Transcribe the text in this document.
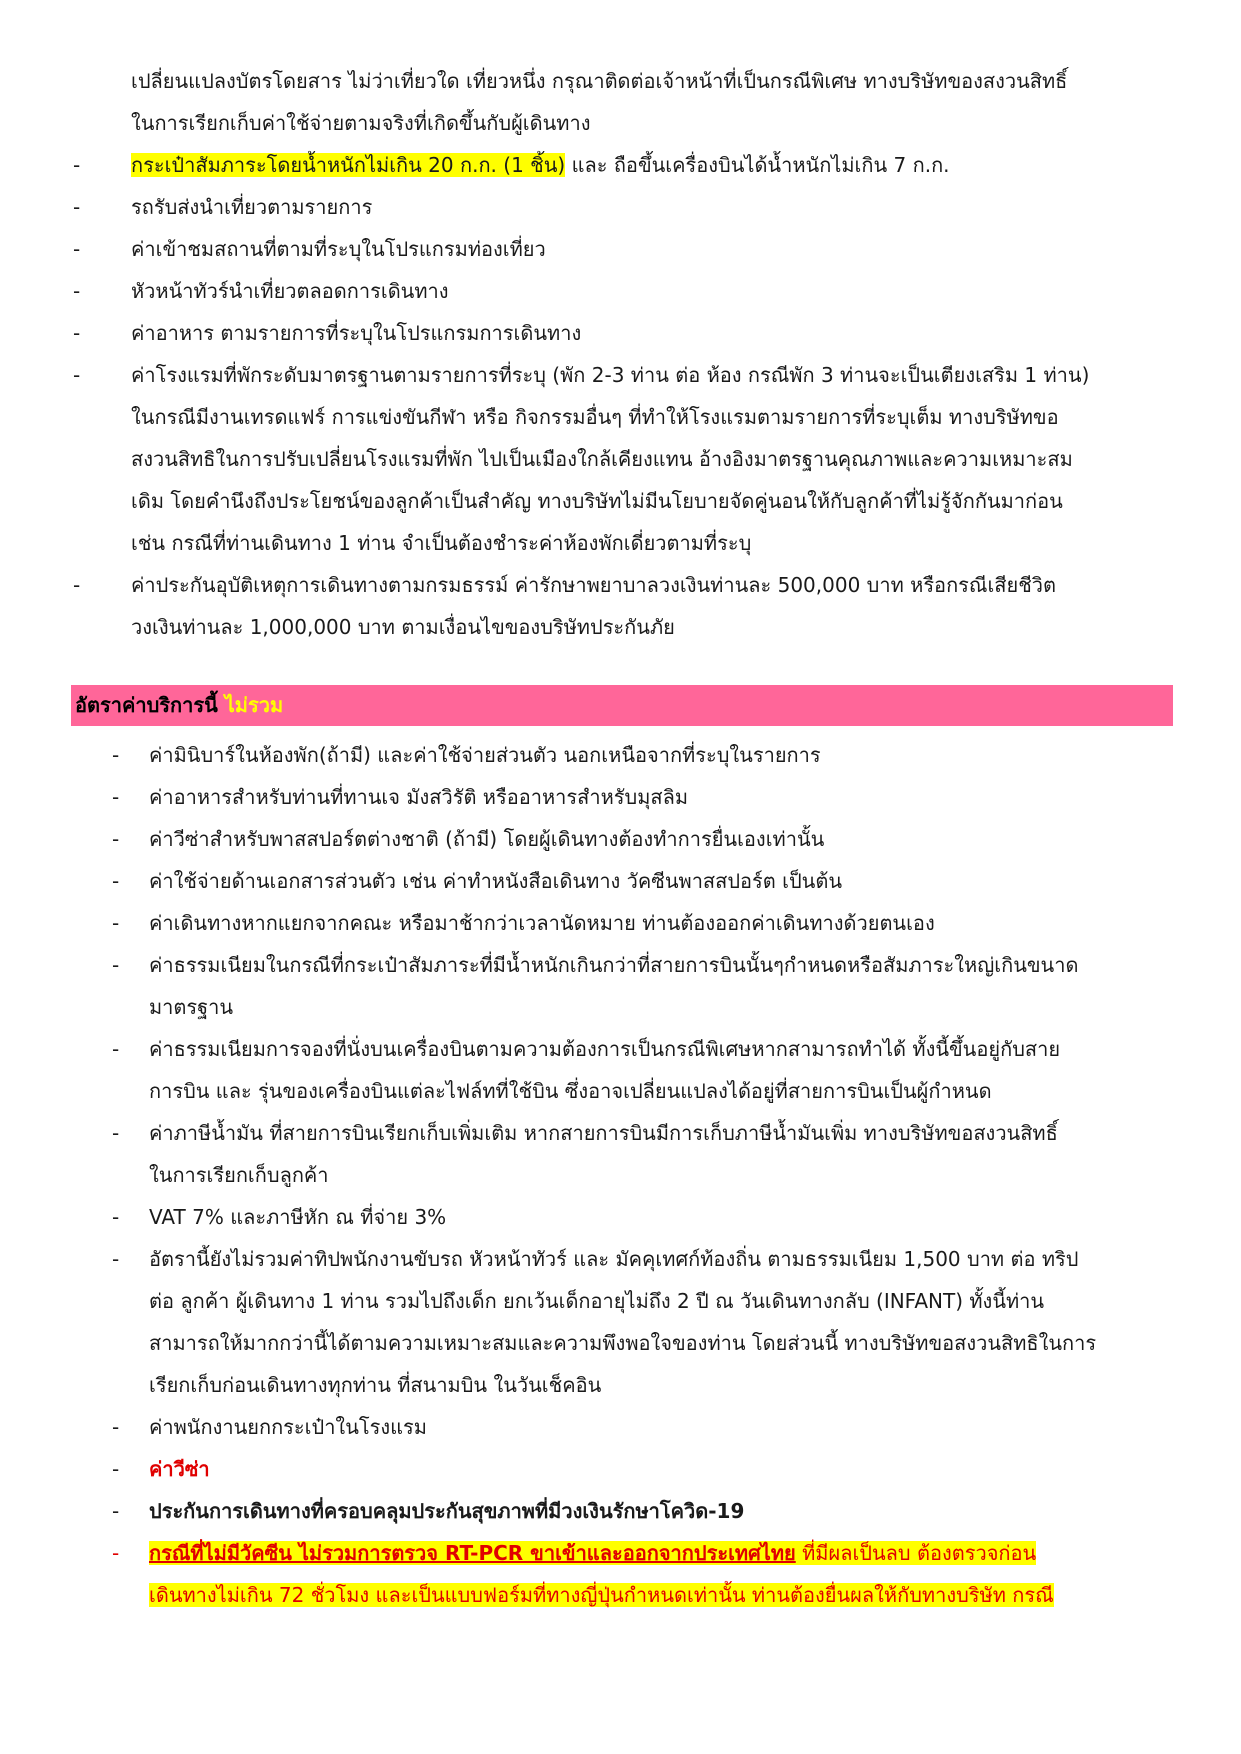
เปลี่ยนแปลงบัตรโดยสาร ไม่ว่าเที่ยวใด เที่ยวหนึ่ง กรุณาติดต่อเจ้าหน้าที่เป็นกรณีพิเศษ ทางบริษัทของสงวนสิทธิ์
ในการเรียกเก็บค่าใช้จ่ายตามจริงที่เกิดขึ้นกับผู้เดินทาง
-	กระเป๋าสัมภาระโดยน้ำหนักไม่เกิน 20 ก.ก. (1 ชิ้น) และ ถือขึ้นเครื่องบินได้น้ำหนักไม่เกิน 7 ก.ก.
-	รถรับส่งนำเที่ยวตามรายการ
-	ค่าเข้าชมสถานที่ตามที่ระบุในโปรแกรมท่องเที่ยว
-	หัวหน้าทัวร์นำเที่ยวตลอดการเดินทาง
-	ค่าอาหาร ตามรายการที่ระบุในโปรแกรมการเดินทาง
-	ค่าโรงแรมที่พักระดับมาตรฐานตามรายการที่ระบุ (พัก 2-3 ท่าน ต่อ ห้อง กรณีพัก 3 ท่านจะเป็นเตียงเสริม 1 ท่าน)
ในกรณีมีงานเทรดแฟร์ การแข่งขันกีฬา หรือ กิจกรรมอื่นๆ ที่ทำให้โรงแรมตามรายการที่ระบุเต็ม ทางบริษัทขอ
สงวนสิทธิในการปรับเปลี่ยนโรงแรมที่พัก ไปเป็นเมืองใกล้เคียงแทน อ้างอิงมาตรฐานคุณภาพและความเหมาะสม
เดิม โดยคำนึงถึงประโยชน์ของลูกค้าเป็นสำคัญ ทางบริษัทไม่มีนโยบายจัดคู่นอนให้กับลูกค้าที่ไม่รู้จักกันมาก่อน
เช่น กรณีที่ท่านเดินทาง 1 ท่าน จำเป็นต้องชำระค่าห้องพักเดี่ยวตามที่ระบุ
-	ค่าประกันอุบัติเหตุการเดินทางตามกรมธรรม์ ค่ารักษาพยาบาลวงเงินท่านละ 500,000 บาท หรือกรณีเสียชีวิต
วงเงินท่านละ 1,000,000 บาท ตามเงื่อนไขของบริษัทประกันภัย
อัตราค่าบริการนี้ ไม่รวม
-	ค่ามินิบาร์ในห้องพัก(ถ้ามี) และค่าใช้จ่ายส่วนตัว นอกเหนือจากที่ระบุในรายการ
-	ค่าอาหารสำหรับท่านที่ทานเจ มังสวิรัติ หรืออาหารสำหรับมุสลิม
-	ค่าวีซ่าสำหรับพาสสปอร์ตต่างชาติ (ถ้ามี) โดยผู้เดินทางต้องทำการยื่นเองเท่านั้น
-	ค่าใช้จ่ายด้านเอกสารส่วนตัว เช่น ค่าทำหนังสือเดินทาง วัคซีนพาสสปอร์ต เป็นต้น
-	ค่าเดินทางหากแยกจากคณะ หรือมาช้ากว่าเวลานัดหมาย ท่านต้องออกค่าเดินทางด้วยตนเอง
-	ค่าธรรมเนียมในกรณีที่กระเป๋าสัมภาระที่มีน้ำหนักเกินกว่าที่สายการบินนั้นๆกำหนดหรือสัมภาระใหญ่เกินขนาด
มาตรฐาน
-	ค่าธรรมเนียมการจองที่นั่งบนเครื่องบินตามความต้องการเป็นกรณีพิเศษหากสามารถทำได้ ทั้งนี้ขึ้นอยู่กับสาย
การบิน และ รุ่นของเครื่องบินแต่ละไฟล์ทที่ใช้บิน ซึ่งอาจเปลี่ยนแปลงได้อยู่ที่สายการบินเป็นผู้กำหนด
-	ค่าภาษีน้ำมัน ที่สายการบินเรียกเก็บเพิ่มเติม หากสายการบินมีการเก็บภาษีน้ำมันเพิ่ม ทางบริษัทขอสงวนสิทธิ์
ในการเรียกเก็บลูกค้า
-	VAT 7% และภาษีหัก ณ ที่จ่าย 3%
-	อัตรานี้ยังไม่รวมค่าทิปพนักงานขับรถ หัวหน้าทัวร์ และ มัคคุเทศก์ท้องถิ่น ตามธรรมเนียม 1,500 บาท ต่อ ทริป
ต่อ ลูกค้า ผู้เดินทาง 1 ท่าน รวมไปถึงเด็ก ยกเว้นเด็กอายุไม่ถึง 2 ปี ณ วันเดินทางกลับ (INFANT) ทั้งนี้ท่าน
สามารถให้มากกว่านี้ได้ตามความเหมาะสมและความพึงพอใจของท่าน โดยส่วนนี้ ทางบริษัทขอสงวนสิทธิในการ
เรียกเก็บก่อนเดินทางทุกท่าน ที่สนามบิน ในวันเช็คอิน
-	ค่าพนักงานยกกระเป๋าในโรงแรม
-	ค่าวีซ่า
-	ประกันการเดินทางที่ครอบคลุมประกันสุขภาพที่มีวงเงินรักษาโควิด-19
-	กรณีที่ไม่มีวัคซีน ไม่รวมการตรวจ RT-PCR ขาเข้าและออกจากประเทศไทย ที่มีผลเป็นลบ ต้องตรวจก่อน
เดินทางไม่เกิน 72 ชั่วโมง และเป็นแบบฟอร์มที่ทางญี่ปุ่นกำหนดเท่านั้น ท่านต้องยื่นผลให้กับทางบริษัท กรณี
